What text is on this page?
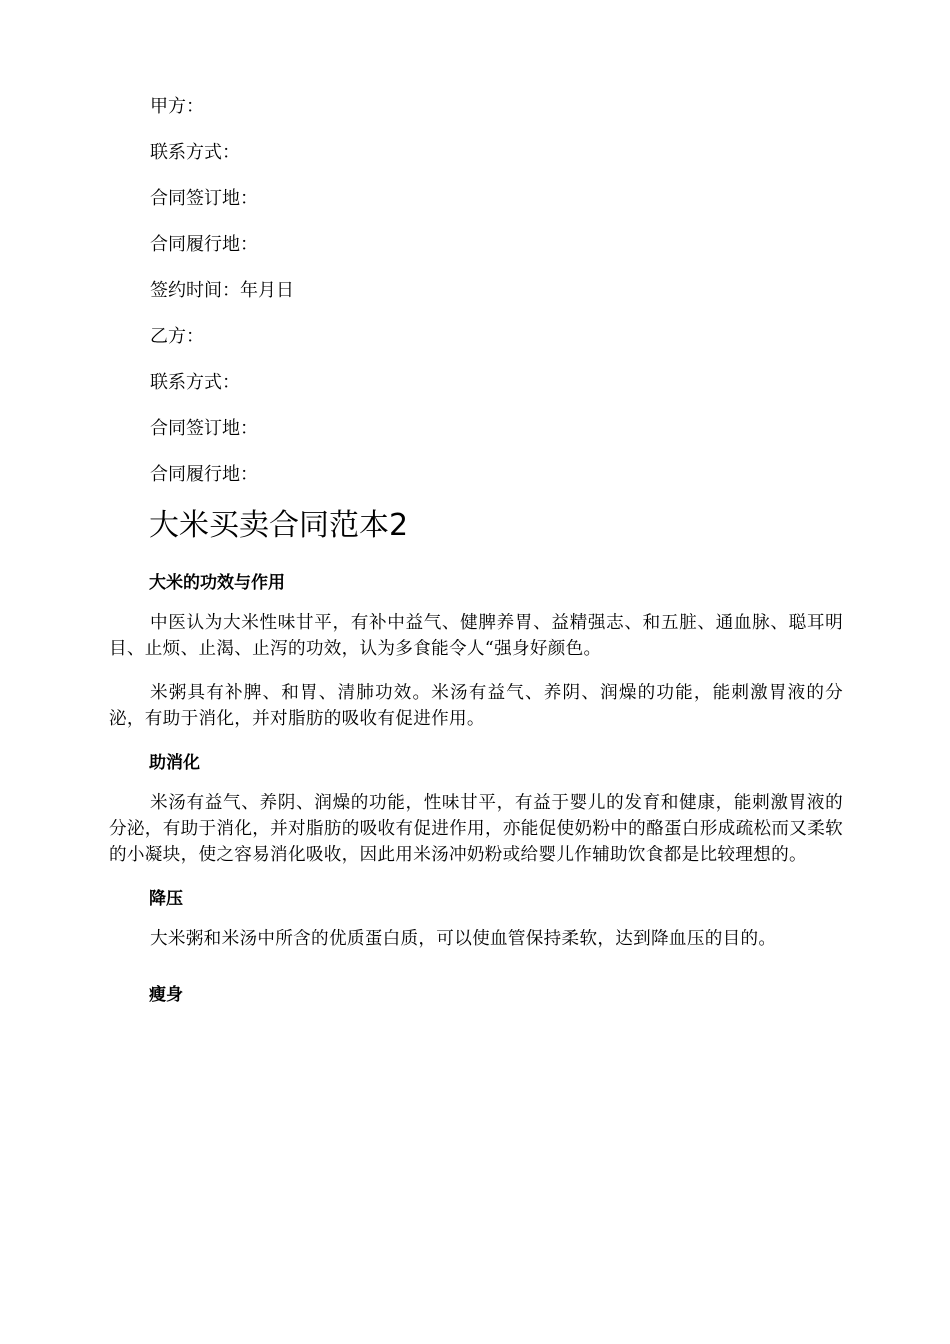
甲方：
联系方式：
合同签订地：
合同履行地：
签约时间：年月日
乙方：
联系方式：
合同签订地：
合同履行地：
大米买卖合同范本2
大米的功效与作用

中医认为大米性味甘平，有补中益气、健脾养胃、益精强志、和五脏、通血脉、聪耳明目、止烦、止渴、止泻的功效，认为多食能令人“强身好颜色。

米粥具有补脾、和胃、清肺功效。米汤有益气、养阴、润燥的功能，能刺激胃液的分泌，有助于消化，并对脂肪的吸收有促进作用。

助消化

米汤有益气、养阴、润燥的功能，性味甘平，有益于婴儿的发育和健康，能刺激胃液的分泌，有助于消化，并对脂肪的吸收有促进作用，亦能促使奶粉中的酪蛋白形成疏松而又柔软的小凝块，使之容易消化吸收，因此用米汤冲奶粉或给婴儿作辅助饮食都是比较理想的。

降压

大米粥和米汤中所含的优质蛋白质，可以使血管保持柔软，达到降血压的目的。

瘦身
